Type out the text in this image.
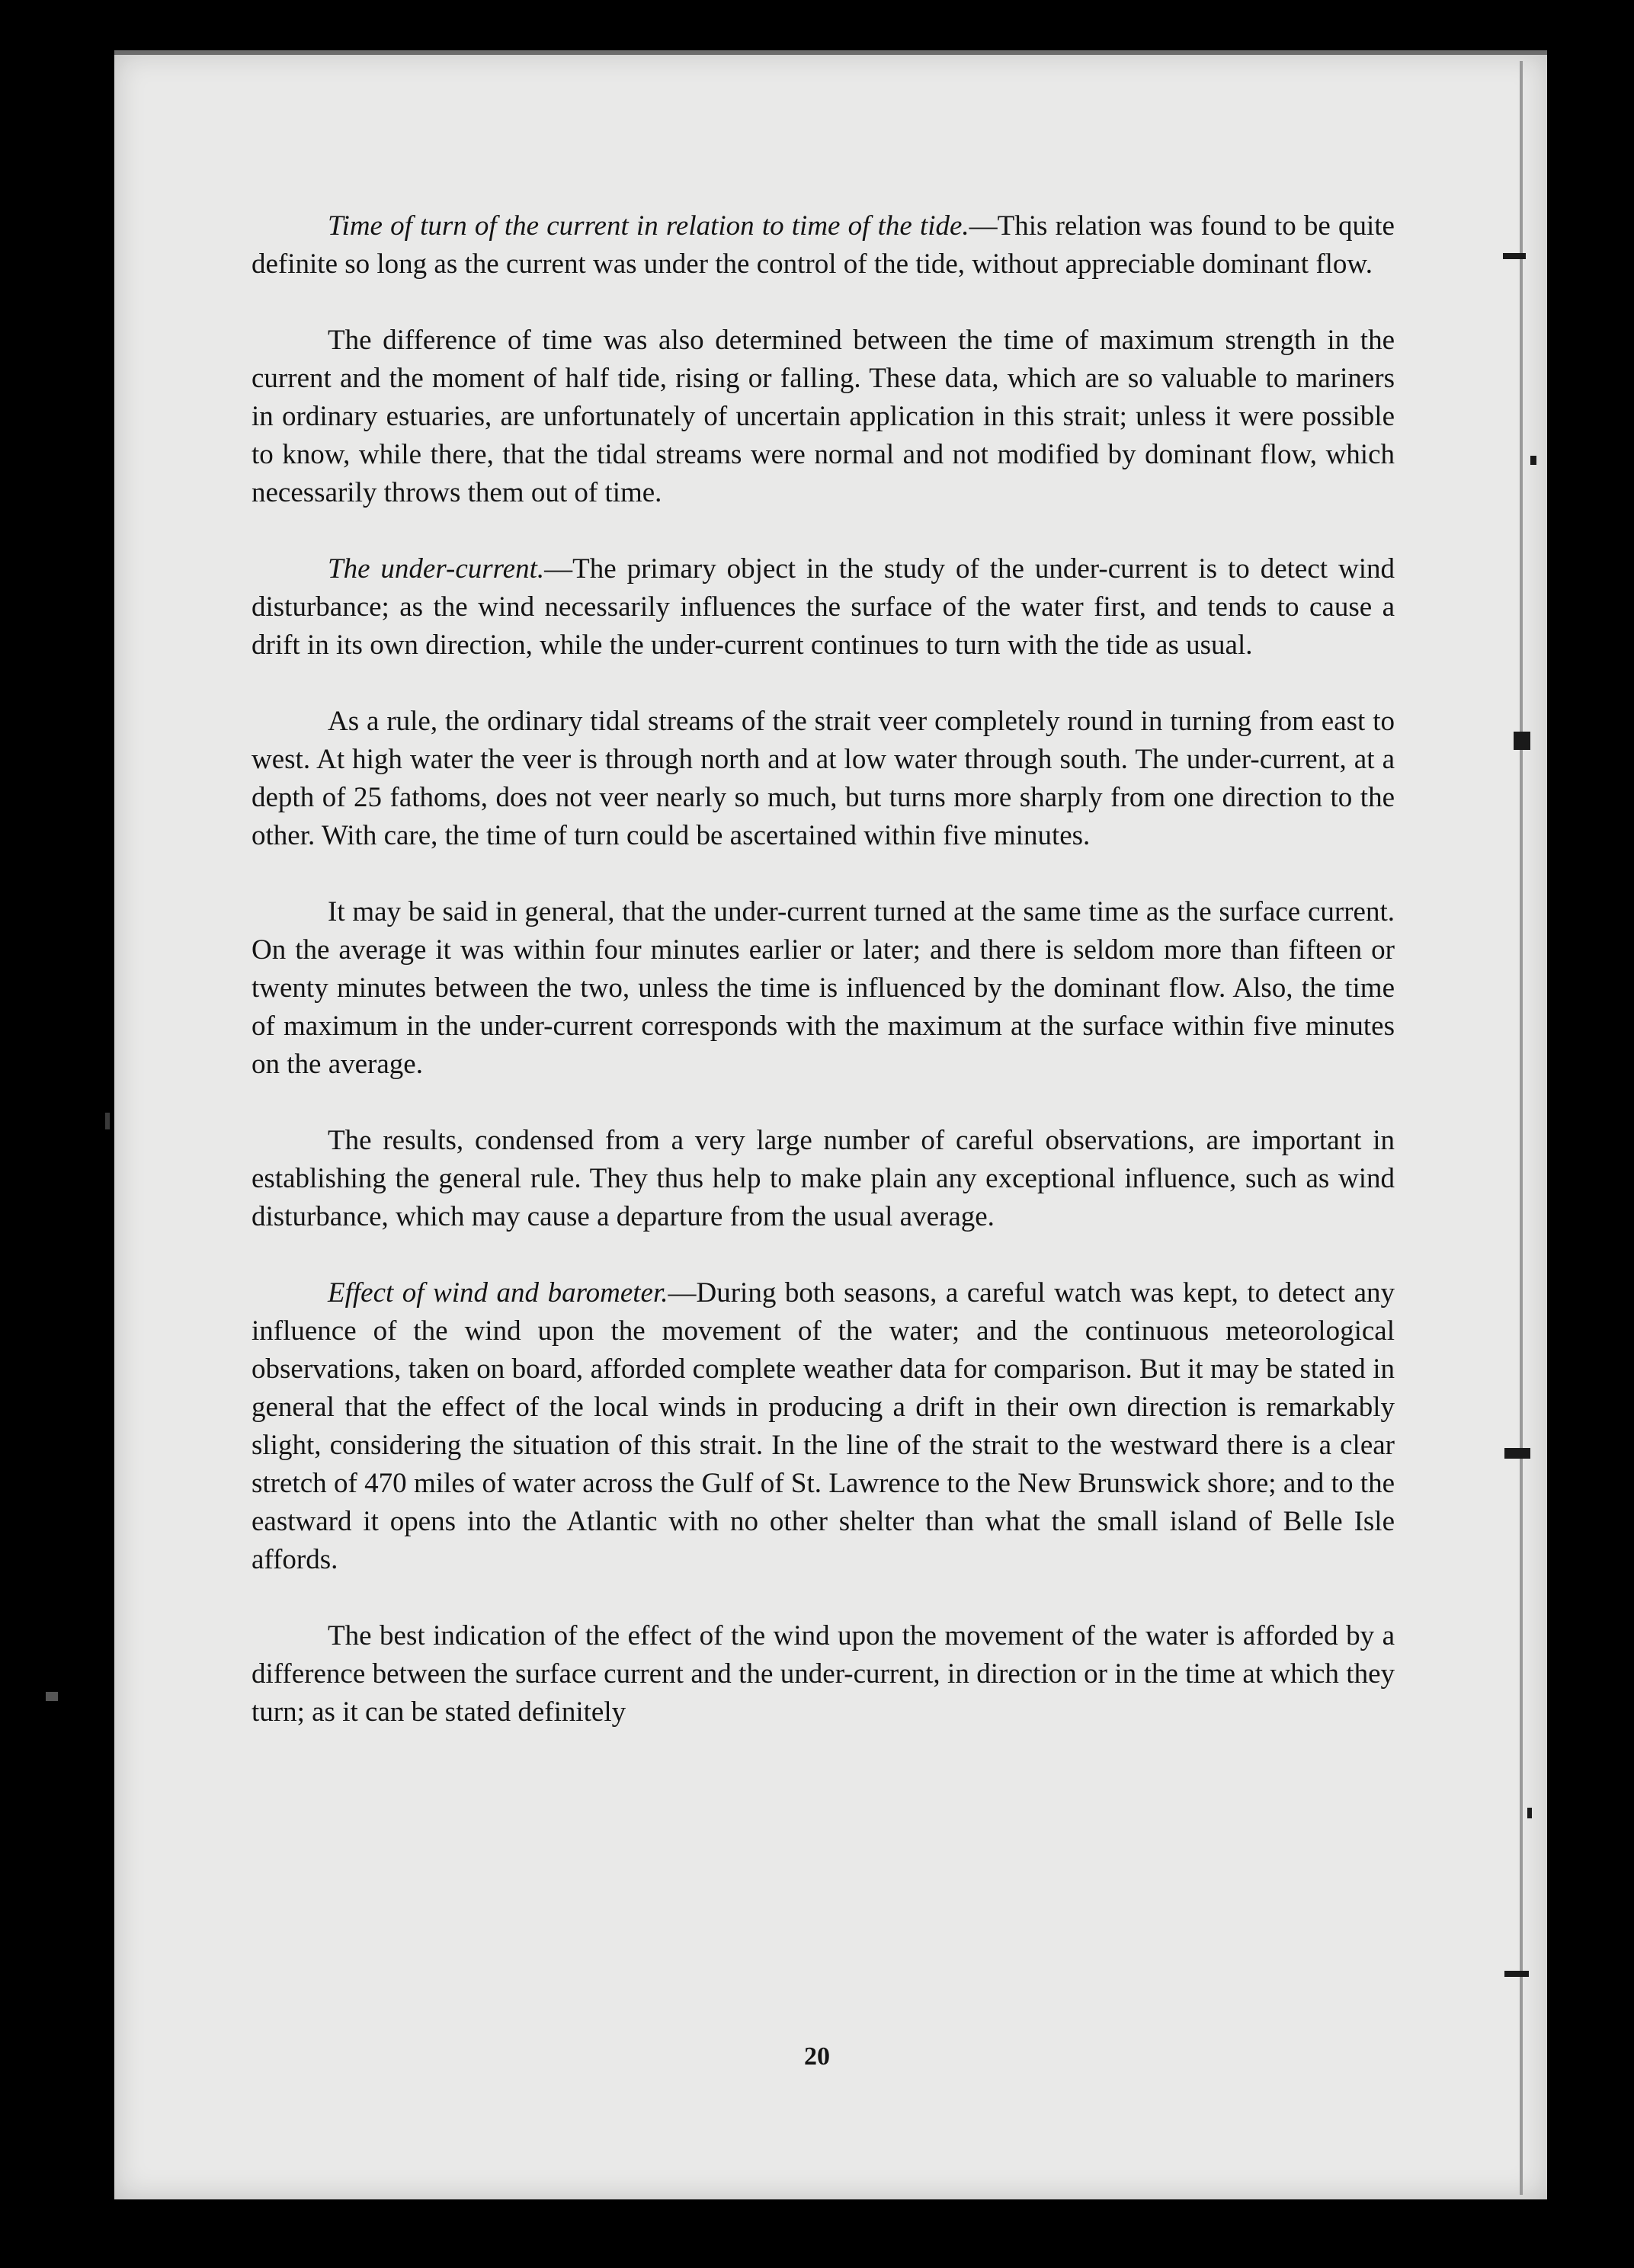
Time of turn of the current in relation to time of the tide.—This relation was found to be quite definite so long as the current was under the control of the tide, without appreciable dominant flow.

The difference of time was also determined between the time of maximum strength in the current and the moment of half tide, rising or falling. These data, which are so valuable to mariners in ordinary estuaries, are unfortunately of uncertain application in this strait; unless it were possible to know, while there, that the tidal streams were normal and not modified by dominant flow, which necessarily throws them out of time.

The under-current.—The primary object in the study of the under-current is to detect wind disturbance; as the wind necessarily influences the surface of the water first, and tends to cause a drift in its own direction, while the under-current continues to turn with the tide as usual.

As a rule, the ordinary tidal streams of the strait veer completely round in turning from east to west. At high water the veer is through north and at low water through south. The under-current, at a depth of 25 fathoms, does not veer nearly so much, but turns more sharply from one direction to the other. With care, the time of turn could be ascertained within five minutes.

It may be said in general, that the under-current turned at the same time as the surface current. On the average it was within four minutes earlier or later; and there is seldom more than fifteen or twenty minutes between the two, unless the time is influenced by the dominant flow. Also, the time of maximum in the under-current corresponds with the maximum at the surface within five minutes on the average.

The results, condensed from a very large number of careful observations, are important in establishing the general rule. They thus help to make plain any exceptional influence, such as wind disturbance, which may cause a departure from the usual average.

Effect of wind and barometer.—During both seasons, a careful watch was kept, to detect any influence of the wind upon the movement of the water; and the continuous meteorological observations, taken on board, afforded complete weather data for comparison. But it may be stated in general that the effect of the local winds in producing a drift in their own direction is remarkably slight, considering the situation of this strait. In the line of the strait to the westward there is a clear stretch of 470 miles of water across the Gulf of St. Lawrence to the New Brunswick shore; and to the eastward it opens into the Atlantic with no other shelter than what the small island of Belle Isle affords.

The best indication of the effect of the wind upon the movement of the water is afforded by a difference between the surface current and the under-current, in direction or in the time at which they turn; as it can be stated definitely

20
